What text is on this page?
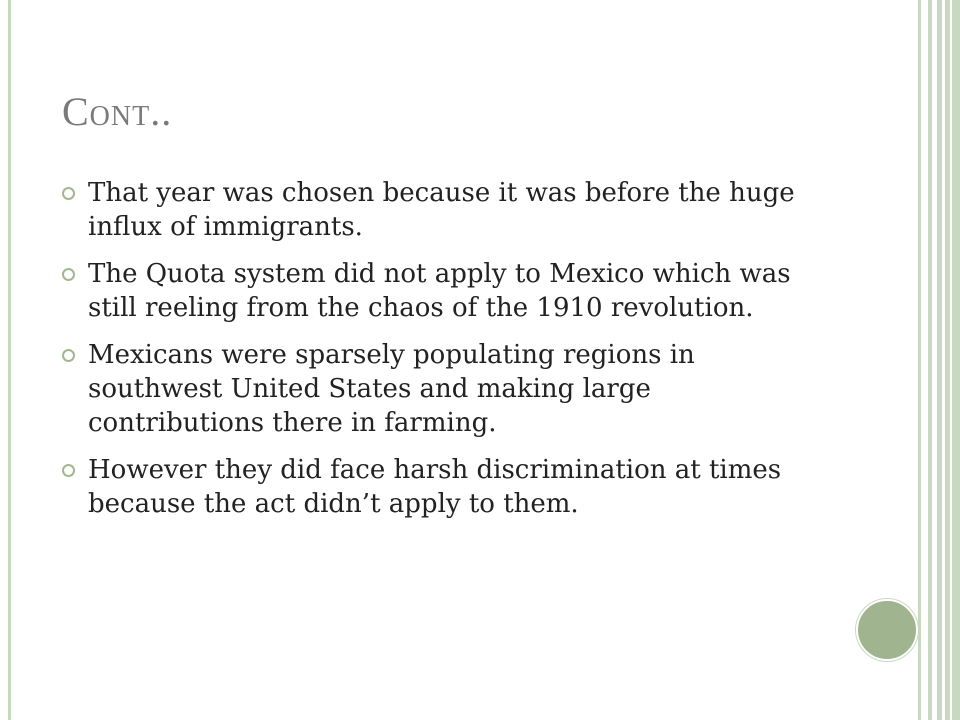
Cont..
That year was chosen because it was before the huge influx of immigrants.
The Quota system did not apply to Mexico which was still reeling from the chaos of the 1910 revolution.
Mexicans were sparsely populating regions in southwest United States and making large contributions there in farming.
However they did face harsh discrimination at times because the act didn’t apply to them.
